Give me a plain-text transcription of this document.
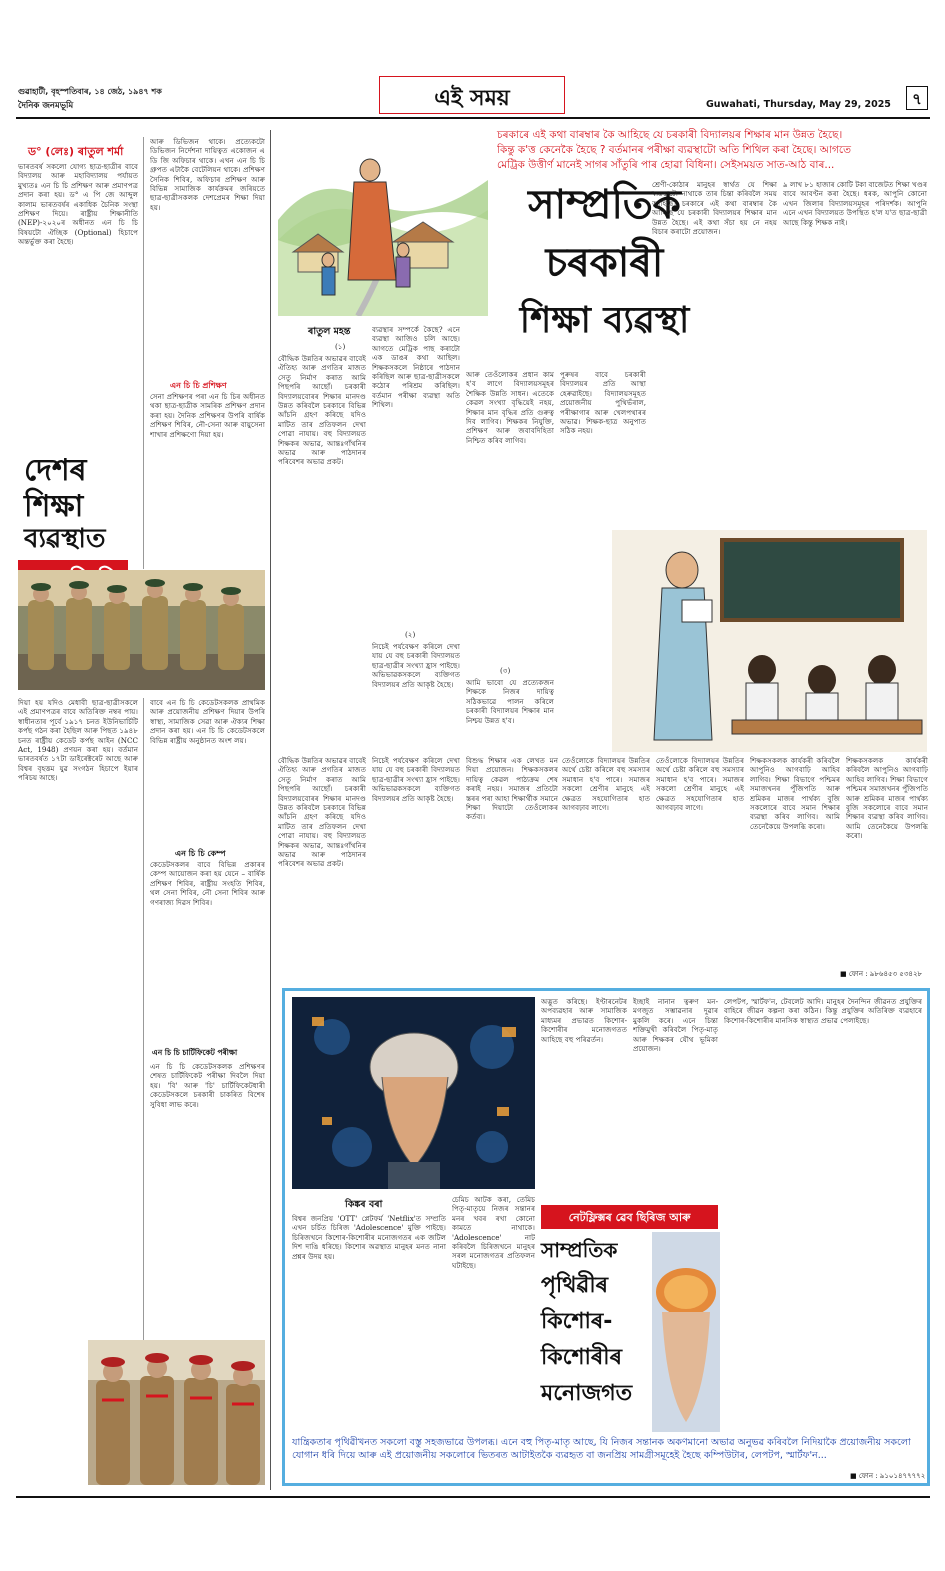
গুৱাহাটী, বৃহস্পতিবাৰ, ১৪ জেঠ, ১৯৪৭ শক
দৈনিক জনমভূমি	এই সময়	Guwahati, Thursday, May 29, 2025	৭
ড° (লেঃ) ৰাতুল শৰ্মা
ভাৰতবৰ্ষ সকলো যোগ্য ছাত্ৰ-ছাত্ৰীৰ বাবে বিদ্যালয় আৰু মহাবিদ্যালয় পৰ্যায়ত মুখ্যতঃ এন চি চি প্ৰশিক্ষণ আৰু প্ৰমাণপত্ৰ প্ৰদান কৰা হয়। ড° এ পি জে আব্দুল কালাম ভাৰতবৰ্ষৰ একাধিক চৈনিক সংস্থা প্ৰশিক্ষণ দিয়ে। ৰাষ্ট্ৰীয় শিক্ষানীতি (NEP)-২০২০ৰ অধীনত এন চি চি বিষয়টো ঐচ্ছিক (Optional) হিচাপে অন্তৰ্ভুক্ত কৰা হৈছে।
দেশৰ
শিক্ষা
ব্যৱস্থাত
আৰু ডিভিজন থাকে। প্ৰত্যেকটো ডিভিজন নিৰ্দেশনা দায়িত্বত একোজন এ ডি জি অফিচাৰ থাকে। এখন এন চি চি গ্ৰুপত এটাকৈ বেটেলিয়ন থাকে। প্ৰশিক্ষণ সৈনিক শিবিৰ, অফিচাৰ প্ৰশিক্ষণ আৰু বিভিন্ন সামাজিক কাৰ্যক্ৰমৰ জৰিয়তে ছাত্ৰ-ছাত্ৰীসকলক দেশপ্ৰেমৰ শিক্ষা দিয়া হয়।
এন চি চি প্ৰশিক্ষণ
সেনা প্ৰশিক্ষণৰ পৰা এন চি চিৰ অধীনত থকা ছাত্ৰ-ছাত্ৰীক সামৰিক প্ৰশিক্ষণ প্ৰদান কৰা হয়। দৈনিক প্ৰশিক্ষণৰ উপৰি বাৰ্ষিক প্ৰশিক্ষণ শিবিৰ, নৌ-সেনা আৰু বায়ুসেনা শাখাৰ প্ৰশিক্ষণো দিয়া হয়।
দিয়া হয় যদিও মেধাবী ছাত্ৰ-ছাত্ৰীসকলে এই প্ৰমাণপত্ৰৰ বাবে অতিৰিক্ত নম্বৰ পায়। স্বাধীনতাৰ পূৰ্বে ১৯১৭ চনত ইউনিভাৰ্চিটি কৰ্পছ গঠন কৰা হৈছিল আৰু পিছত ১৯৪৮ চনত ৰাষ্ট্ৰীয় কেডেট কৰ্পছ আইন (NCC Act, 1948) প্ৰণয়ন কৰা হয়। বৰ্তমান ভাৰতবৰ্ষত ১৭টা ডাইৰেক্টৰেট আছে আৰু বিশ্বৰ বৃহত্তম যুৱ সংগঠন হিচাপে ইয়াৰ পৰিচয় আছে।
বাবে এন চি চি কেডেটসকলক প্ৰাথমিক আৰু প্ৰয়োজনীয় প্ৰশিক্ষণ দিয়াৰ উপৰি স্বাস্থ্য, সামাজিক সেৱা আৰু ঐক্যৰ শিক্ষা প্ৰদান কৰা হয়। এন চি চি কেডেটসকলে বিভিন্ন ৰাষ্ট্ৰীয় অনুষ্ঠানত অংশ লয়।
এন চি চি কেম্প
কেডেটসকলৰ বাবে বিভিন্ন প্ৰকাৰৰ কেম্প আয়োজন কৰা হয় যেনে – বাৰ্ষিক প্ৰশিক্ষণ শিবিৰ, ৰাষ্ট্ৰীয় সংহতি শিবিৰ, থল সেনা শিবিৰ, নৌ সেনা শিবিৰ আৰু গণৰাজ্য দিৱস শিবিৰ।
এন চি চি চাৰ্টিফিকেট পৰীক্ষা
এন চি চি কেডেটসকলক প্ৰশিক্ষণৰ শেষত চাৰ্টিফিকেট পৰীক্ষা দিবলৈ দিয়া হয়। 'বি' আৰু 'চি' চাৰ্টিফিকেটধাৰী কেডেটসকলে চৰকাৰী চাকৰিত বিশেষ সুবিধা লাভ কৰে।
চৰকাৰে এই কথা বাৰম্বাৰ কৈ আহিছে যে চৰকাৰী বিদ্যালয়ৰ শিক্ষাৰ মান উন্নত হৈছে।
কিন্তু ক'ত্ত কেনেকৈ হৈছে ? বৰ্তমানৰ পৰীক্ষা ব্যৱস্থাটো অতি শিথিল কৰা হৈছে। আগতে
মেট্ৰিক উত্তীৰ্ণ মানেই সাগৰ সাঁতুৰি পাৰ হোৱা বিধিনা। সেইসময়ত সাত-আঠ বাৰ...
সাম্প্ৰতিক
চৰকাৰী
শিক্ষা ব্যৱস্থা
ৰাতুল মহন্ত
(১)
বৌদ্ধিক উন্নতিৰ অভাৱৰ বাবেই ঐতিহ্য আৰু প্ৰগতিৰ মাজত সেতু নিৰ্মাণ কৰাত আমি পিছপৰি আছোঁ। চৰকাৰী বিদ্যালয়বোৰৰ শিক্ষাৰ মানদণ্ড উন্নত কৰিবলৈ চৰকাৰে বিভিন্ন আঁচনি গ্ৰহণ কৰিছে যদিও মাটিত তাৰ প্ৰতিফলন দেখা পোৱা নাযায়। বহু বিদ্যালয়ত শিক্ষকৰ অভাৱ, আন্তঃগাঁথনিৰ অভাৱ আৰু পাঠদানৰ পৰিবেশৰ অভাৱ প্ৰকট।
ব্যৱস্থাৰ সম্পৰ্কে কৈছে? এনে ব্যৱস্থা আজিও চলি আছে। আগতে মেট্ৰিক পাছ কৰাটো এক ডাঙৰ কথা আছিল। শিক্ষকসকলে নিষ্ঠাৰে পাঠদান কৰিছিল আৰু ছাত্ৰ-ছাত্ৰীসকলে কঠোৰ পৰিশ্ৰম কৰিছিল। বৰ্তমান পৰীক্ষা ব্যৱস্থা অতি শিথিল।
(২)
নিচেই পৰ্যবেক্ষণ কৰিলে দেখা যায় যে বহু চৰকাৰী বিদ্যালয়ত ছাত্ৰ-ছাত্ৰীৰ সংখ্যা হ্ৰাস পাইছে। অভিভাৱকসকলে ব্যক্তিগত বিদ্যালয়ৰ প্ৰতি আকৃষ্ট হৈছে।
আৰু তেওঁলোকৰ প্ৰধান কাম হ'ব লাগে বিদ্যালয়সমূহৰ শৈক্ষিক উন্নতি সাধন। এতেকে কেৱল সংখ্যা বৃদ্ধিয়েই নহয়, শিক্ষাৰ মান বৃদ্ধিৰ প্ৰতি গুৰুত্ব দিব লাগিব। শিক্ষকৰ নিযুক্তি, প্ৰশিক্ষণ আৰু জবাবদিহিতা নিশ্চিত কৰিব লাগিব।
(৩)
আমি ভাবো যে প্ৰত্যেকজন শিক্ষকে নিজৰ দায়িত্ব সঠিকভাৱে পালন কৰিলে চৰকাৰী বিদ্যালয়ৰ শিক্ষাৰ মান নিশ্চয় উন্নত হ'ব।
পুৰুষৰ বাবে চৰকাৰী বিদ্যালয়ৰ প্ৰতি আস্থা হেৰুৱাইছে। বিদ্যালয়সমূহত প্ৰয়োজনীয় পুথিভঁৰাল, পৰীক্ষাগাৰ আৰু খেলপথাৰৰ অভাৱ। শিক্ষক-ছাত্ৰ অনুপাত সঠিক নহয়।
শ্ৰেণী-কোঠাৰ মানুহৰ স্বাৰ্থত যে শিক্ষা ব্যৱস্থাটো নাথাকে তাৰ চিন্তা কৰিবলৈ সময় আহিছে। চৰকাৰে এই কথা বাৰম্বাৰ কৈ আহিছে যে চৰকাৰী বিদ্যালয়ৰ শিক্ষাৰ মান উন্নত হৈছে। এই কথা সঁচা হয় নে নহয় বিচাৰ কৰাটো প্ৰয়োজন।
৯ লাখ ৮১ হাজাৰ কোটি টকা বাজেটত শিক্ষা খণ্ডৰ বাবে আবণ্টন কৰা হৈছে। ধৰক, আপুনি কোনো এখন জিলাৰ বিদ্যালয়সমূহৰ পৰিদৰ্শক। আপুনি এনে এখন বিদ্যালয়ত উপস্থিত হ'ল য'ত ছাত্ৰ-ছাত্ৰী আছে কিন্তু শিক্ষক নাই।
বিশুদ্ধ শিক্ষাৰ এক লেখত মন দিয়া প্ৰয়োজন। শিক্ষকসকলৰ দায়িত্ব কেৱল পাঠ্যক্ৰম শেষ কৰাই নহয়। সমাজৰ প্ৰতিটো স্তৰৰ পৰা আহা শিক্ষাৰ্থীক সমানে শিক্ষা দিয়াটো তেওঁলোকৰ কৰ্তব্য।
তেওঁলোকে বিদ্যালয়ৰ উন্নতিৰ অৰ্থে চেষ্টা কৰিলে বহু সমস্যাৰ সমাধান হ'ব পাৰে। সমাজৰ সকলো শ্ৰেণীৰ মানুহে এই ক্ষেত্ৰত সহযোগিতাৰ হাত আগবঢ়াব লাগে।
তেওঁলোকে বিদ্যালয়ৰ উন্নতিৰ অৰ্থে চেষ্টা কৰিলে বহু সমস্যাৰ সমাধান হ'ব পাৰে। সমাজৰ সকলো শ্ৰেণীৰ মানুহে এই ক্ষেত্ৰত সহযোগিতাৰ হাত আগবঢ়াব লাগে।
শিক্ষকসকলক কাৰ্যকৰী কৰিবলৈ আপুনিও আগবাঢ়ি আহিব লাগিব। শিক্ষা বিভাগে পশ্চিমৰ সমাজখনৰ পুঁজিপতি আৰু শ্ৰমিকৰ মাজৰ পাৰ্থক্য বুজি সকলোৰে বাবে সমান শিক্ষাৰ ব্যৱস্থা কৰিব লাগিব। আমি তেনেকৈয়ে উপলব্ধি কৰো।
শিক্ষকসকলক কাৰ্যকৰী কৰিবলৈ আপুনিও আগবাঢ়ি আহিব লাগিব। শিক্ষা বিভাগে পশ্চিমৰ সমাজখনৰ পুঁজিপতি আৰু শ্ৰমিকৰ মাজৰ পাৰ্থক্য বুজি সকলোৰে বাবে সমান শিক্ষাৰ ব্যৱস্থা কৰিব লাগিব। আমি তেনেকৈয়ে উপলব্ধি কৰো।
বৌদ্ধিক উন্নতিৰ অভাৱৰ বাবেই ঐতিহ্য আৰু প্ৰগতিৰ মাজত সেতু নিৰ্মাণ কৰাত আমি পিছপৰি আছোঁ। চৰকাৰী বিদ্যালয়বোৰৰ শিক্ষাৰ মানদণ্ড উন্নত কৰিবলৈ চৰকাৰে বিভিন্ন আঁচনি গ্ৰহণ কৰিছে যদিও মাটিত তাৰ প্ৰতিফলন দেখা পোৱা নাযায়। বহু বিদ্যালয়ত শিক্ষকৰ অভাৱ, আন্তঃগাঁথনিৰ অভাৱ আৰু পাঠদানৰ পৰিবেশৰ অভাৱ প্ৰকট।
নিচেই পৰ্যবেক্ষণ কৰিলে দেখা যায় যে বহু চৰকাৰী বিদ্যালয়ত ছাত্ৰ-ছাত্ৰীৰ সংখ্যা হ্ৰাস পাইছে। অভিভাৱকসকলে ব্যক্তিগত বিদ্যালয়ৰ প্ৰতি আকৃষ্ট হৈছে।
■ ফোন : ৯৮৬৪৫৩ ৫৩৪২৮
কিঙ্কৰ বৰা
বিশ্বৰ জনপ্ৰিয় 'OTT' প্লেটফৰ্ম 'Netflix'ত সম্প্ৰতি এখন চৰ্চিত চিৰিজ 'Adolescence' মুক্তি পাইছে। চিৰিজখনে কিশোৰ-কিশোৰীৰ মনোজগতৰ এক জটিল দিশ দাঙি ধৰিছে। কিশোৰ অৱস্থাত মানুহৰ মনত নানা প্ৰশ্নৰ উদয় হয়।
চেমিচ আটক কৰা, তেমিচ পিতৃ-মাতৃয়ে নিজৰ সন্তানৰ মনৰ খবৰ ৰখা কোনো কামতে নাথাকে। 'Adolescence' নাট কৰিবলৈ চিৰিজখনে মানুহৰ সৰল মনোজগতৰ প্ৰতিফলন ঘটাইছে।
অদ্ভূত কৰিছে। ইণ্টাৰনেটৰ অপব্যৱহাৰ আৰু সামাজিক মাধ্যমৰ প্ৰভাৱত কিশোৰ-কিশোৰীৰ মনোজগতত আহিছে বহু পৰিৱৰ্তন।
ইচ্ছাই নানান ত্বৰুণ মন-মগজুত সম্ভাৱনাৰ দুৱাৰ মুকলি কৰে। এনে চিন্তা শক্তিমুখী কৰিবলৈ পিতৃ-মাতৃ আৰু শিক্ষকৰ যৌথ ভূমিকা প্ৰয়োজন।
লেপটপ, স্মাৰ্টফ'ন, টেবলেট আদি। মানুহৰ দৈনন্দিন জীৱনত প্ৰযুক্তিৰ বাহিৰে জীৱন কল্পনা কৰা কঠিন। কিন্তু প্ৰযুক্তিৰ অতিৰিক্ত ব্যৱহাৰে কিশোৰ-কিশোৰীৰ মানসিক স্বাস্থ্যত প্ৰভাৱ পেলাইছে।
নেটফ্লিক্সৰ ৱেব ছিৰিজ আৰু
সাম্প্ৰতিক
পৃথিৱীৰ
কিশোৰ-
কিশোৰীৰ
মনোজগত
যান্ত্ৰিকতাৰ পৃথিৱীখনত সকলো বস্তু সহজভাৱে উপলব্ধ। এনে বহু পিতৃ-মাতৃ আছে, যি নিজৰ সন্তানক অকণমানো অভাৱ অনুভৱ কৰিবলৈ নিদিয়াকৈ প্ৰয়োজনীয় সকলো যোগান ধৰি দিয়ে আৰু এই প্ৰয়োজনীয় সকলোৰে ভিতৰত আটাইতকৈ ব্যৱহৃত বা জনপ্ৰিয় সামগ্ৰীসমূহেই হৈছে কম্পিউটাৰ, লেপটপ, স্মাৰ্টফ'ন...
■ ফোন : ৯১০১৪৭৭৭৭২
